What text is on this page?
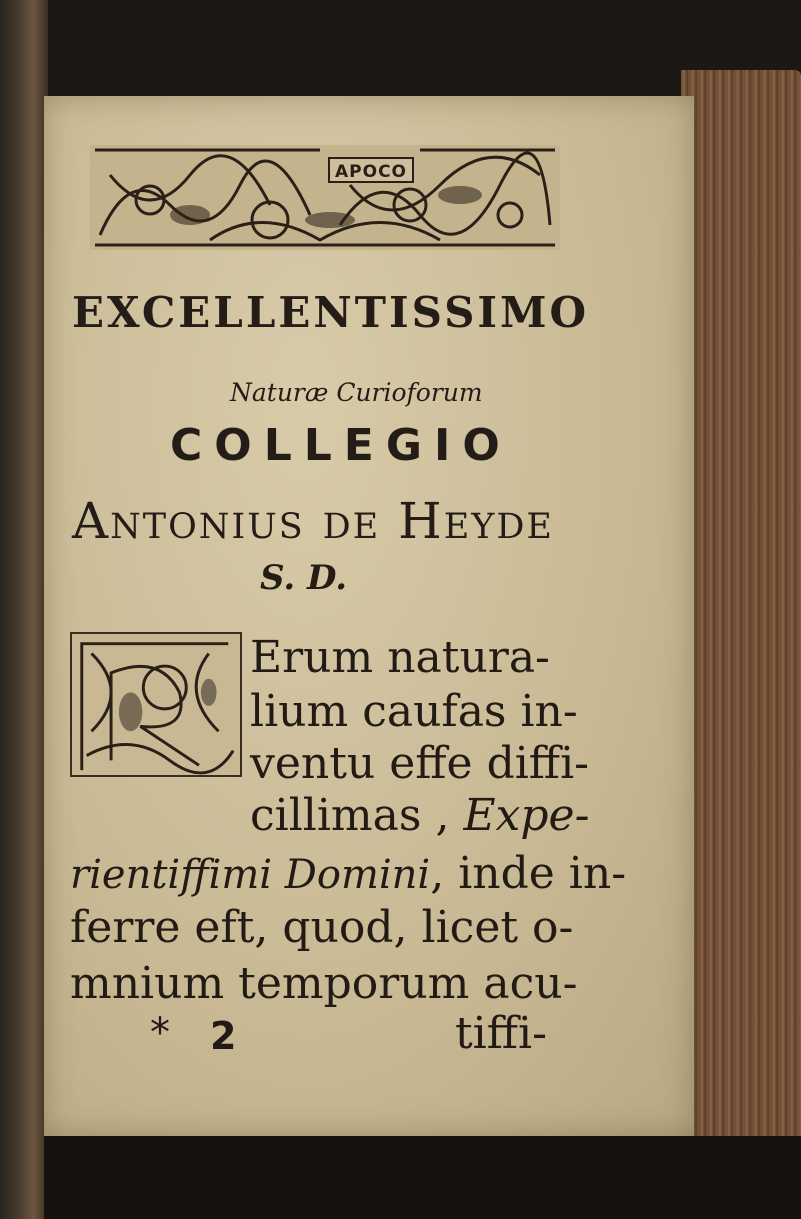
APOCO
EXCELLENTISSIMO
Naturæ Curioforum
COLLEGIO
Antonius de Heyde
S. D.
Erum natura-
lium caufas in-
ventu effe diffi-
cillimas , Expe-
rientiffimi Domini, inde in-
ferre eft, quod, licet o-
mnium temporum acu-
* 2	tiffi-
